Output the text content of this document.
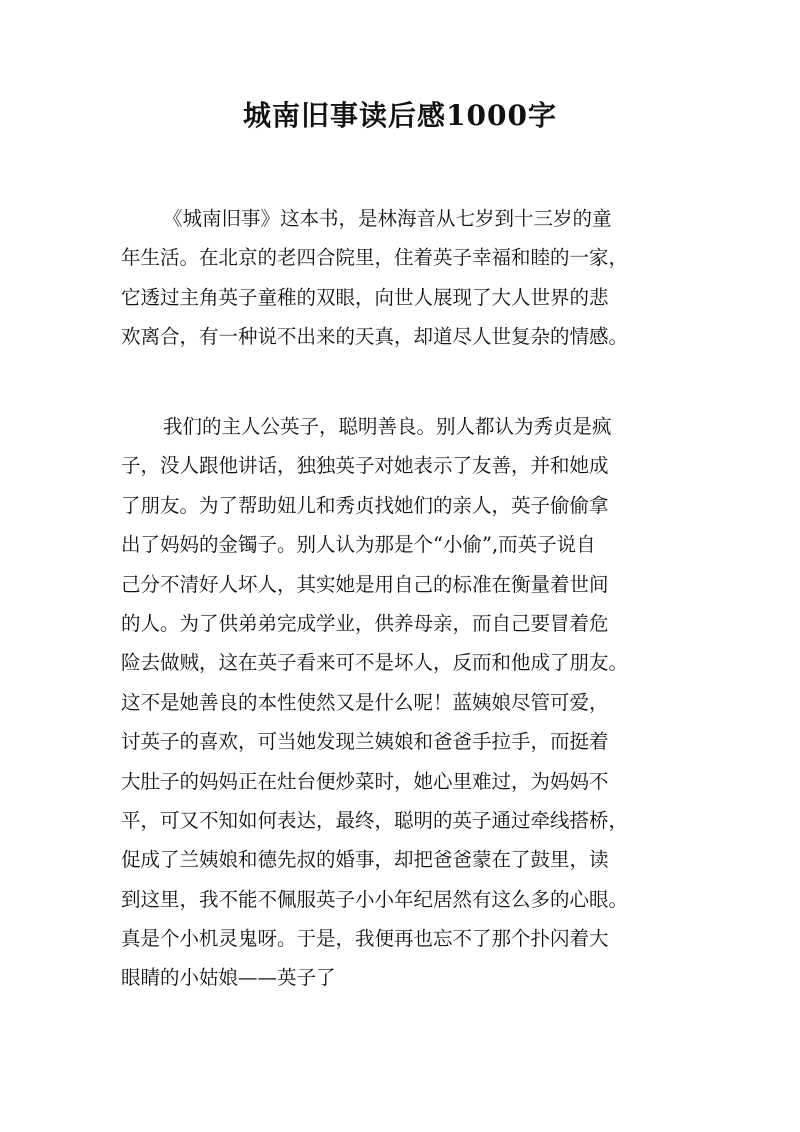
城南旧事读后感1000字

《城南旧事》这本书，是林海音从七岁到十三岁的童
年生活。在北京的老四合院里，住着英子幸福和睦的一家，
它透过主角英子童稚的双眼，向世人展现了大人世界的悲
欢离合，有一种说不出来的天真，却道尽人世复杂的情感。

我们的主人公英子，聪明善良。别人都认为秀贞是疯
子，没人跟他讲话，独独英子对她表示了友善，并和她成
了朋友。为了帮助妞儿和秀贞找她们的亲人，英子偷偷拿
出了妈妈的金镯子。别人认为那是个“小偷”,而英子说自
己分不清好人坏人，其实她是用自己的标准在衡量着世间
的人。为了供弟弟完成学业，供养母亲，而自己要冒着危
险去做贼，这在英子看来可不是坏人，反而和他成了朋友。
这不是她善良的本性使然又是什么呢！蓝姨娘尽管可爱，
讨英子的喜欢，可当她发现兰姨娘和爸爸手拉手，而挺着
大肚子的妈妈正在灶台便炒菜时，她心里难过，为妈妈不
平，可又不知如何表达，最终，聪明的英子通过牵线搭桥，
促成了兰姨娘和德先叔的婚事，却把爸爸蒙在了鼓里，读
到这里，我不能不佩服英子小小年纪居然有这么多的心眼。
真是个小机灵鬼呀。于是，我便再也忘不了那个扑闪着大
眼睛的小姑娘——英子了
